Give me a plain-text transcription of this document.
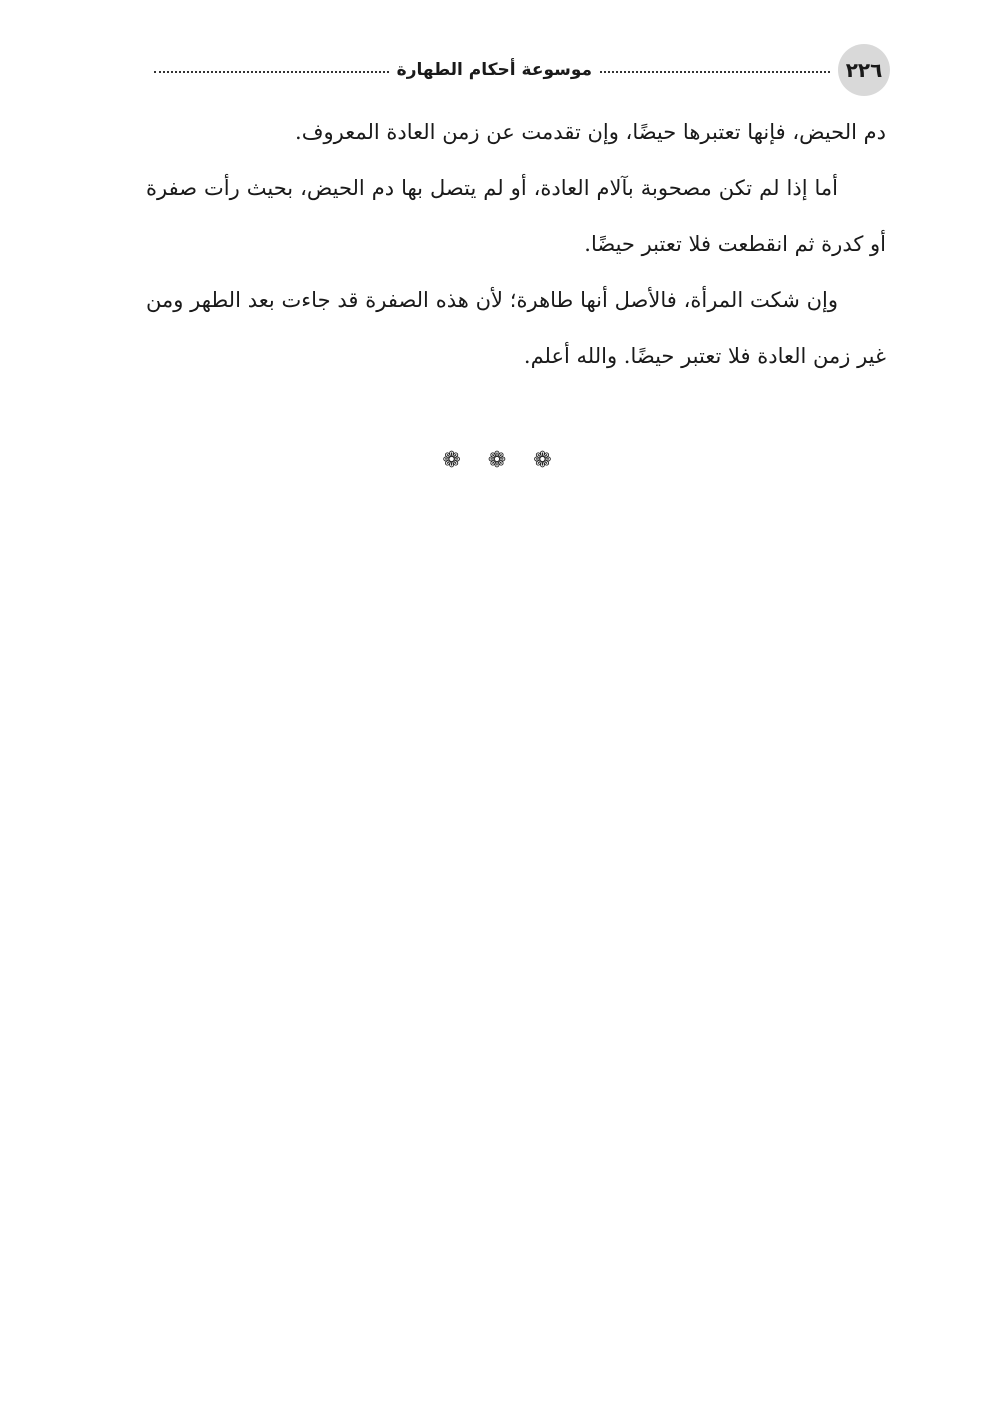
٢٢٦
موسوعة أحكام الطهارة

دم الحيض، فإنها تعتبرها حيضًا، وإن تقدمت عن زمن العادة المعروف.

أما إذا لم تكن مصحوبة بآلام العادة، أو لم يتصل بها دم الحيض، بحيث رأت صفرة أو كدرة ثم انقطعت فلا تعتبر حيضًا.

وإن شكت المرأة، فالأصل أنها طاهرة؛ لأن هذه الصفرة قد جاءت بعد الطهر ومن غير زمن العادة فلا تعتبر حيضًا. والله أعلم.

❁ ❁ ❁
